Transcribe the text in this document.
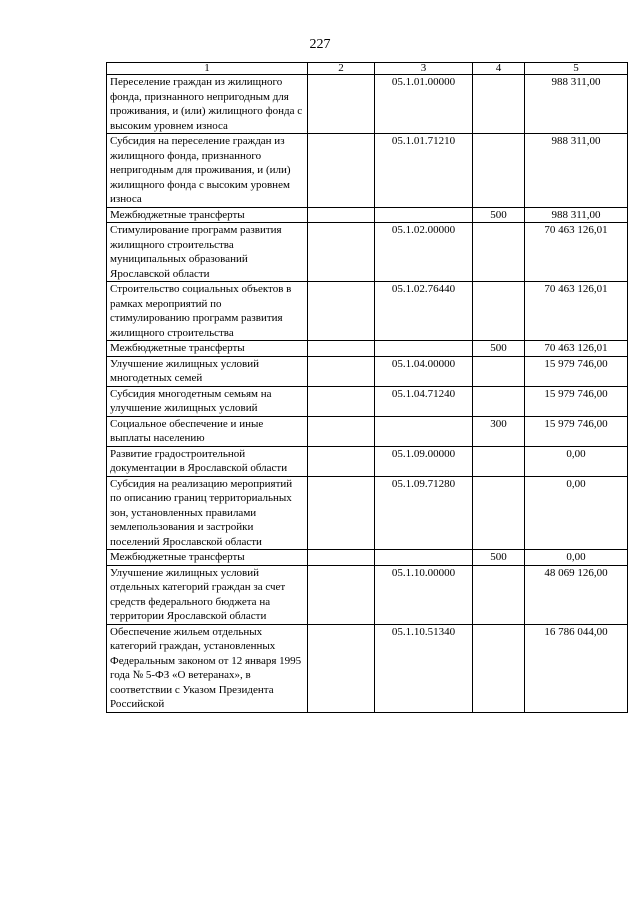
227
1	2	3	4	5
Переселение граждан из жилищного фонда, признанного непригодным для проживания, и (или) жилищного фонда с высоким уровнем износа		05.1.01.00000		988 311,00
Субсидия на переселение граждан из жилищного фонда, признанного непригодным для проживания, и (или) жилищного фонда с высоким уровнем износа		05.1.01.71210		988 311,00
Межбюджетные трансферты			500	988 311,00
Стимулирование программ развития жилищного строительства муниципальных образований Ярославской области		05.1.02.00000		70 463 126,01
Строительство социальных объектов в рамках мероприятий по стимулированию программ развития жилищного строительства		05.1.02.76440		70 463 126,01
Межбюджетные трансферты			500	70 463 126,01
Улучшение жилищных условий многодетных семей		05.1.04.00000		15 979 746,00
Субсидия многодетным семьям на улучшение жилищных условий		05.1.04.71240		15 979 746,00
Социальное обеспечение и иные выплаты населению			300	15 979 746,00
Развитие градостроительной документации в Ярославской области		05.1.09.00000		0,00
Субсидия на реализацию мероприятий по описанию границ территориальных зон, установленных правилами землепользования и застройки поселений Ярославской области		05.1.09.71280		0,00
Межбюджетные трансферты			500	0,00
Улучшение жилищных условий отдельных категорий граждан за счет средств федерального бюджета на территории Ярославской области		05.1.10.00000		48 069 126,00
Обеспечение жильем отдельных категорий граждан, установленных Федеральным законом от 12 января 1995 года № 5-ФЗ «О ветеранах», в соответствии с Указом Президента Российской		05.1.10.51340		16 786 044,00
